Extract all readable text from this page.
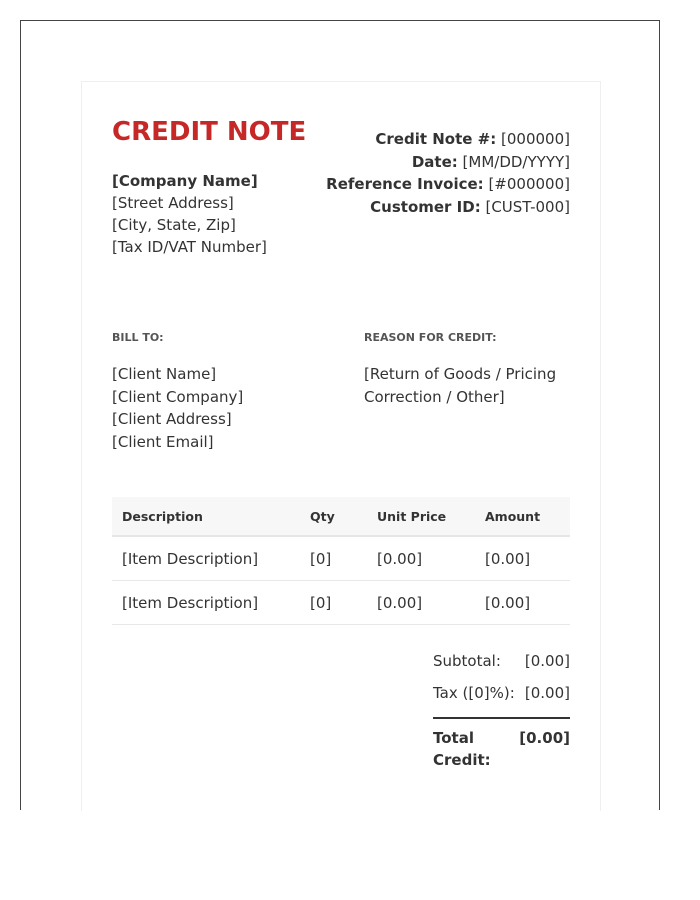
CREDIT NOTE
[Company Name]
[Street Address]
[City, State, Zip]
[Tax ID/VAT Number]
Credit Note #: [000000]
Date: [MM/DD/YYYY]
Reference Invoice: [#000000]
Customer ID: [CUST-000]
BILL TO:	REASON FOR CREDIT:
[Client Name]
[Client Company]
[Client Address]
[Client Email]
[Return of Goods / Pricing Correction / Other]
Description	Qty	Unit Price	Amount
[Item Description]	[0]	[0.00]	[0.00]
[Item Description]	[0]	[0.00]	[0.00]
Subtotal: [0.00]
Tax ([0]%): [0.00]
Total Credit:
[0.00]
